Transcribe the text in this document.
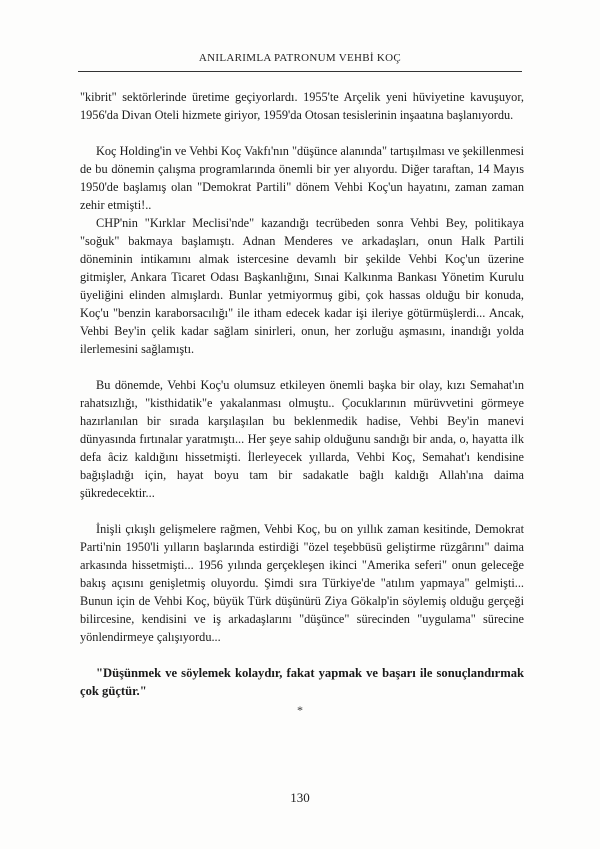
ANILARIMLA PATRONUM VEHBİ KOÇ

"kibrit" sektörlerinde üretime geçiyorlardı. 1955'te Arçelik yeni hüviyetine kavuşuyor, 1956'da Divan Oteli hizmete giriyor, 1959'da Otosan tesislerinin inşaatına başlanıyordu.

Koç Holding'in ve Vehbi Koç Vakfı'nın "düşünce alanında" tartışılması ve şekillenmesi de bu dönemin çalışma programlarında önemli bir yer alıyordu. Diğer taraftan, 14 Mayıs 1950'de başlamış olan "Demokrat Partili" dönem Vehbi Koç'un hayatını, zaman zaman zehir etmişti!..

CHP'nin "Kırklar Meclisi'nde" kazandığı tecrübeden sonra Vehbi Bey, politikaya "soğuk" bakmaya başlamıştı. Adnan Menderes ve arkadaşları, onun Halk Partili döneminin intikamını almak istercesine devamlı bir şekilde Vehbi Koç'un üzerine gitmişler, Ankara Ticaret Odası Başkanlığını, Sınai Kalkınma Bankası Yönetim Kurulu üyeliğini elinden almışlardı. Bunlar yetmiyormuş gibi, çok hassas olduğu bir konuda, Koç'u "benzin karaborsacılığı" ile itham edecek kadar işi ileriye götürmüşlerdi... Ancak, Vehbi Bey'in çelik kadar sağlam sinirleri, onun, her zorluğu aşmasını, inandığı yolda ilerlemesini sağlamıştı.

Bu dönemde, Vehbi Koç'u olumsuz etkileyen önemli başka bir olay, kızı Semahat'ın rahatsızlığı, "kisthidatik"e yakalanması olmuştu.. Çocuklarının mürüvvetini görmeye hazırlanılan bir sırada karşılaşılan bu beklenmedik hadise, Vehbi Bey'in manevi dünyasında fırtınalar yaratmıştı... Her şeye sahip olduğunu sandığı bir anda, o, hayatta ilk defa âciz kaldığını hissetmişti. İlerleyecek yıllarda, Vehbi Koç, Semahat'ı kendisine bağışladığı için, hayat boyu tam bir sadakatle bağlı kaldığı Allah'ına daima şükredecektir...

İnişli çıkışlı gelişmelere rağmen, Vehbi Koç, bu on yıllık zaman kesitinde, Demokrat Parti'nin 1950'li yılların başlarında estirdiği "özel teşebbüsü geliştirme rüzgârını" daima arkasında hissetmişti... 1956 yılında gerçekleşen ikinci "Amerika seferi" onun geleceğe bakış açısını genişletmiş oluyordu. Şimdi sıra Türkiye'de "atılım yapmaya" gelmişti... Bunun için de Vehbi Koç, büyük Türk düşünürü Ziya Gökalp'in söylemiş olduğu gerçeği bilircesine, kendisini ve iş arkadaşlarını "düşünce" sürecinden "uygulama" sürecine yönlendirmeye çalışıyordu...

"Düşünmek ve söylemek kolaydır, fakat yapmak ve başarı ile sonuçlandırmak çok güçtür."

*
130
